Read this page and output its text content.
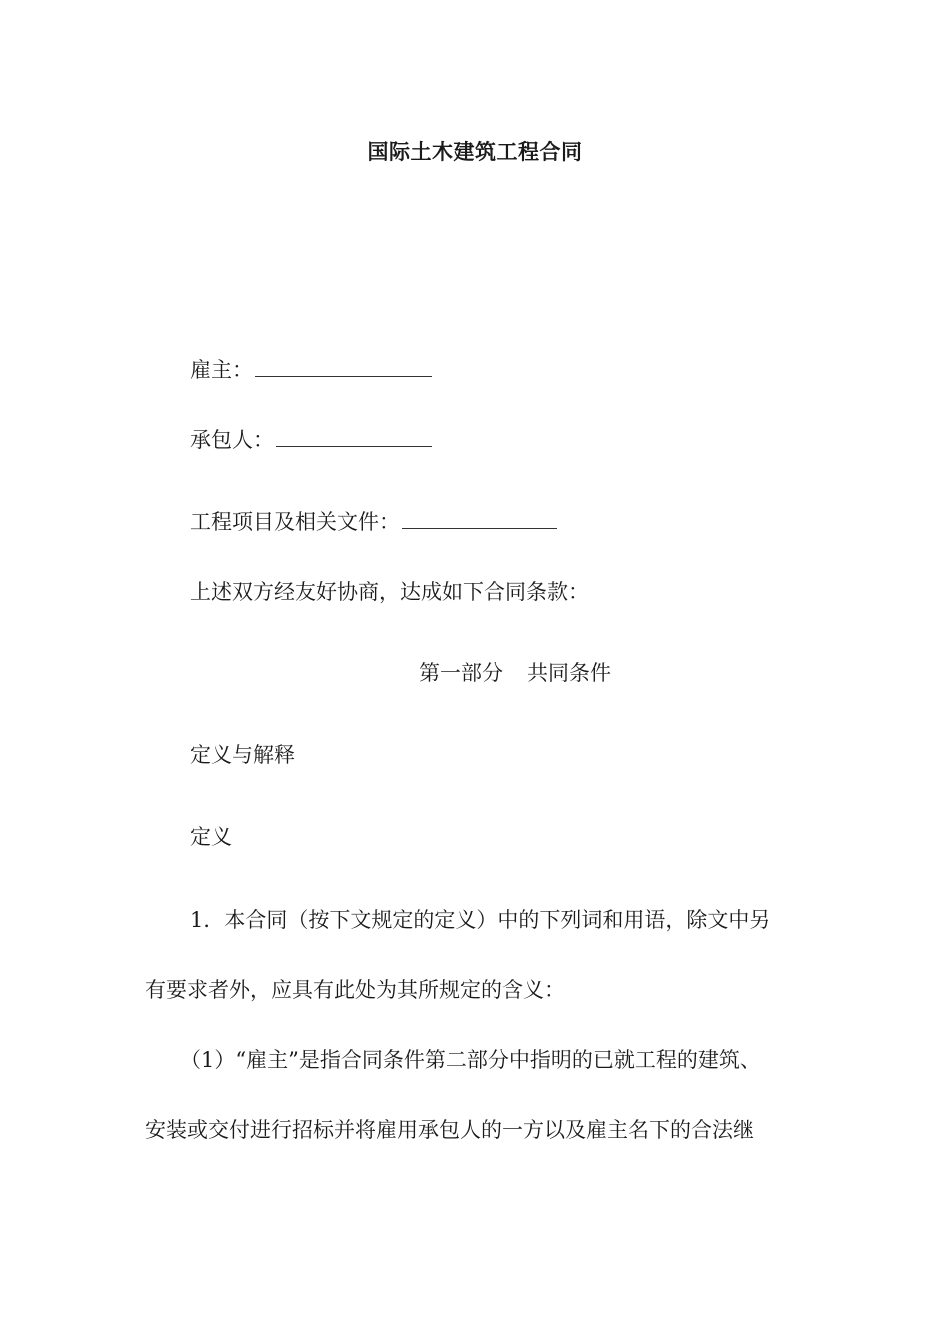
国际土木建筑工程合同
雇主：
承包人：
工程项目及相关文件：
上述双方经友好协商，达成如下合同条款：
第一部分 共同条件
定义与解释
定义
1．本合同（按下文规定的定义）中的下列词和用语，除文中另
有要求者外，应具有此处为其所规定的含义：
（1）“雇主”是指合同条件第二部分中指明的已就工程的建筑、
安装或交付进行招标并将雇用承包人的一方以及雇主名下的合法继
